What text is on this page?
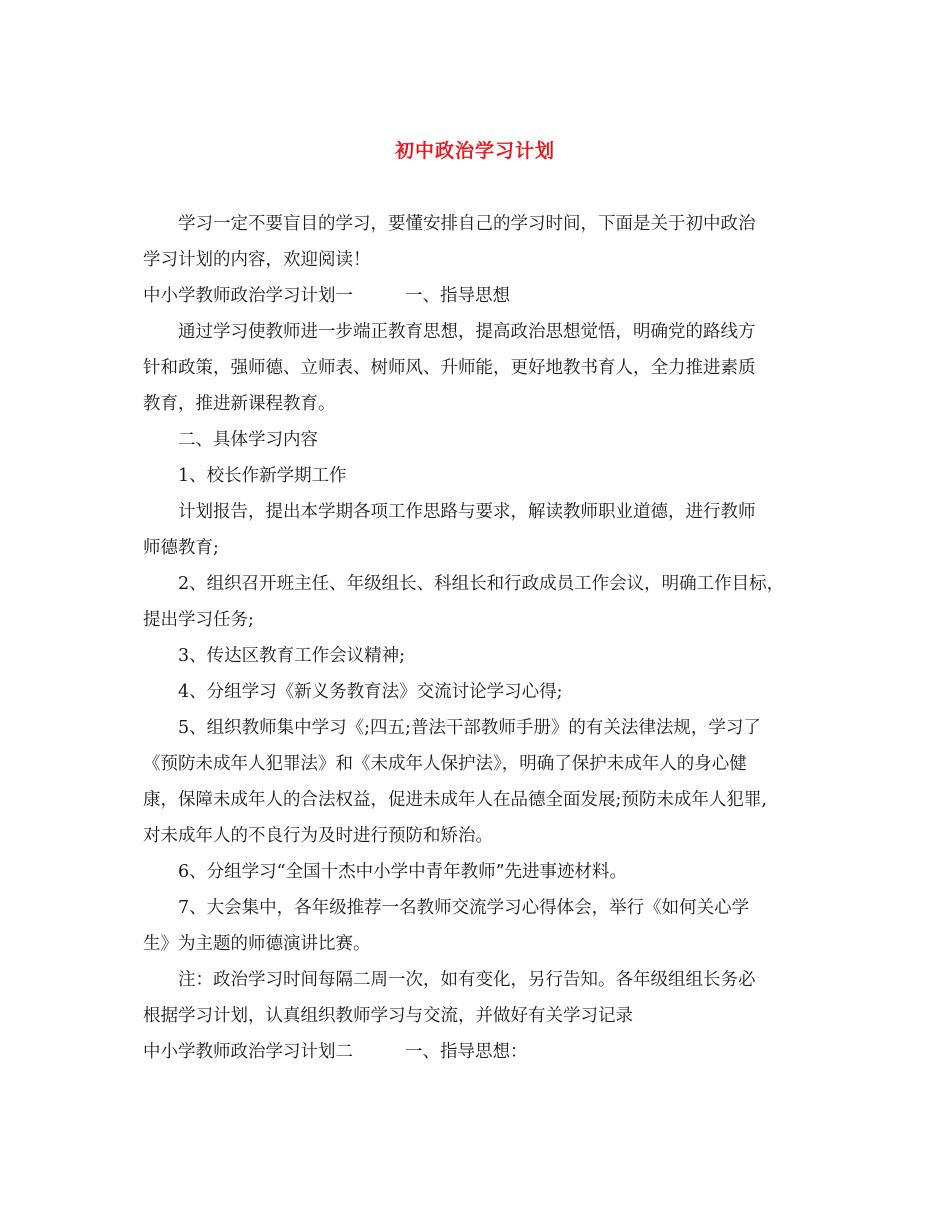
初中政治学习计划
学习一定不要盲目的学习，要懂安排自己的学习时间，下面是关于初中政治
学习计划的内容，欢迎阅读！
中小学教师政治学习计划一	一、指导思想
通过学习使教师进一步端正教育思想，提高政治思想觉悟，明确党的路线方
针和政策，强师德、立师表、树师风、升师能，更好地教书育人，全力推进素质
教育，推进新课程教育。
二、具体学习内容
1、校长作新学期工作
计划报告，提出本学期各项工作思路与要求，解读教师职业道德，进行教师
师德教育;
2、组织召开班主任、年级组长、科组长和行政成员工作会议，明确工作目标，
提出学习任务;
3、传达区教育工作会议精神;
4、分组学习《新义务教育法》交流讨论学习心得;
5、组织教师集中学习《;四五;普法干部教师手册》的有关法律法规，学习了
《预防未成年人犯罪法》和《未成年人保护法》，明确了保护未成年人的身心健
康，保障未成年人的合法权益，促进未成年人在品德全面发展;预防未成年人犯罪,
对未成年人的不良行为及时进行预防和矫治。
6、分组学习“全国十杰中小学中青年教师”先进事迹材料。
7、大会集中，各年级推荐一名教师交流学习心得体会，举行《如何关心学
生》为主题的师德演讲比赛。
注：政治学习时间每隔二周一次，如有变化，另行告知。各年级组组长务必
根据学习计划，认真组织教师学习与交流，并做好有关学习记录
中小学教师政治学习计划二	一、指导思想：
